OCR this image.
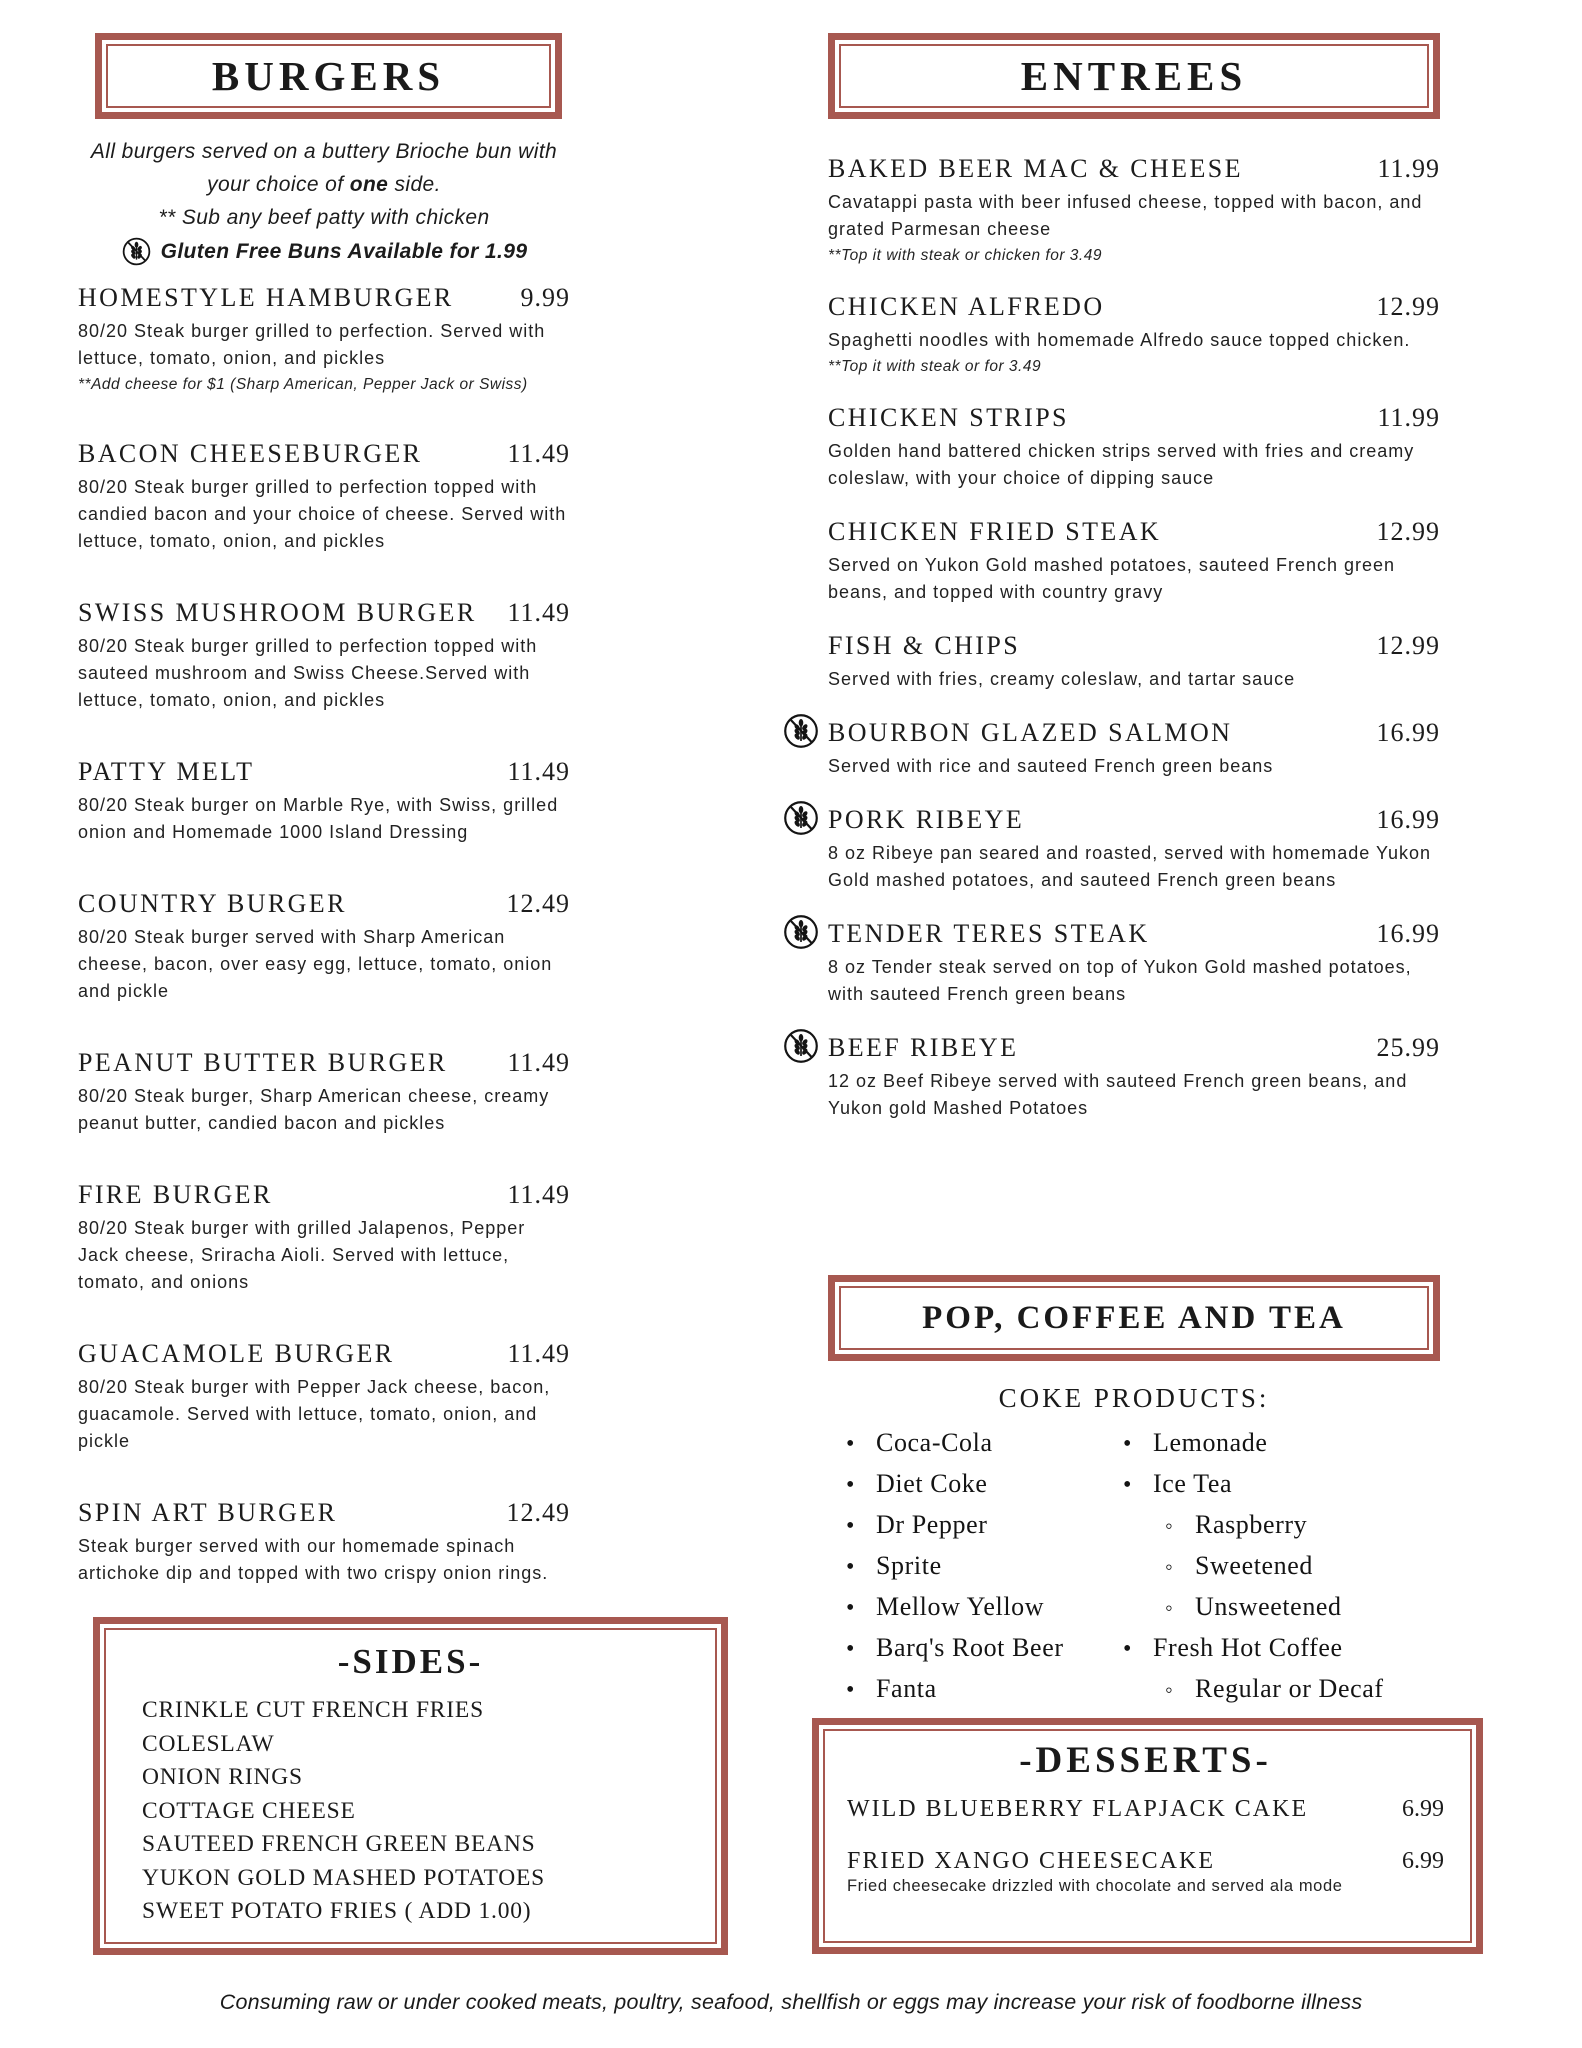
BURGERS
All burgers served on a buttery Brioche bun with
your choice of one side.
** Sub any beef patty with chicken
Gluten Free Buns Available for 1.99
HOMESTYLE HAMBURGER	9.99
80/20 Steak burger grilled to perfection. Served with lettuce, tomato, onion, and pickles
**Add cheese for $1 (Sharp American, Pepper Jack or Swiss)
BACON CHEESEBURGER	11.49
80/20 Steak burger grilled to perfection topped with candied bacon and your choice of cheese. Served with lettuce, tomato, onion, and pickles
SWISS MUSHROOM BURGER 11.49
80/20 Steak burger grilled to perfection topped with sauteed mushroom and Swiss Cheese.Served with lettuce, tomato, onion, and pickles
PATTY MELT	11.49
80/20 Steak burger on Marble Rye, with Swiss, grilled onion and Homemade 1000 Island Dressing
COUNTRY BURGER	12.49
80/20 Steak burger served with Sharp American cheese, bacon, over easy egg, lettuce, tomato, onion and pickle
PEANUT BUTTER BURGER 11.49
80/20 Steak burger, Sharp American cheese, creamy peanut butter, candied bacon and pickles
FIRE BURGER	11.49
80/20 Steak burger with grilled Jalapenos, Pepper Jack cheese, Sriracha Aioli. Served with lettuce, tomato, and onions
GUACAMOLE BURGER	11.49
80/20 Steak burger with Pepper Jack cheese, bacon, guacamole. Served with lettuce, tomato, onion, and pickle
SPIN ART BURGER	12.49
Steak burger served with our homemade spinach artichoke dip and topped with two crispy onion rings.
ENTREES
BAKED BEER MAC & CHEESE	11.99
Cavatappi pasta with beer infused cheese, topped with bacon, and grated Parmesan cheese
**Top it with steak or chicken for 3.49
CHICKEN ALFREDO	12.99
Spaghetti noodles with homemade Alfredo sauce topped chicken.
**Top it with steak or for 3.49
CHICKEN STRIPS	11.99
Golden hand battered chicken strips served with fries and creamy coleslaw, with your choice of dipping sauce
CHICKEN FRIED STEAK	12.99
Served on Yukon Gold mashed potatoes, sauteed French green beans, and topped with country gravy
FISH & CHIPS	12.99
Served with fries, creamy coleslaw, and tartar sauce
BOURBON GLAZED SALMON	16.99
Served with rice and sauteed French green beans
PORK RIBEYE	16.99
8 oz Ribeye pan seared and roasted, served with homemade Yukon Gold mashed potatoes, and sauteed French green beans
TENDER TERES STEAK	16.99
8 oz Tender steak served on top of Yukon Gold mashed potatoes, with sauteed French green beans
BEEF RIBEYE	25.99
12 oz Beef Ribeye served with sauteed French green beans, and Yukon gold Mashed Potatoes
POP, COFFEE AND TEA
COKE PRODUCTS:
• Coca-Cola
• Diet Coke
• Dr Pepper
• Sprite
• Mellow Yellow
• Barq's Root Beer
• Fanta
• Lemonade
• Ice Tea
◦ Raspberry
◦ Sweetened
◦ Unsweetened
• Fresh Hot Coffee
◦ Regular or Decaf
-SIDES-
CRINKLE CUT FRENCH FRIES
COLESLAW
ONION RINGS
COTTAGE CHEESE
SAUTEED FRENCH GREEN BEANS
YUKON GOLD MASHED POTATOES
SWEET POTATO FRIES ( ADD 1.00)
-DESSERTS-
WILD BLUEBERRY FLAPJACK CAKE	6.99
FRIED XANGO CHEESECAKE	6.99
Fried cheesecake drizzled with chocolate and served ala mode
Consuming raw or under cooked meats, poultry, seafood, shellfish or eggs may increase your risk of foodborne illness
